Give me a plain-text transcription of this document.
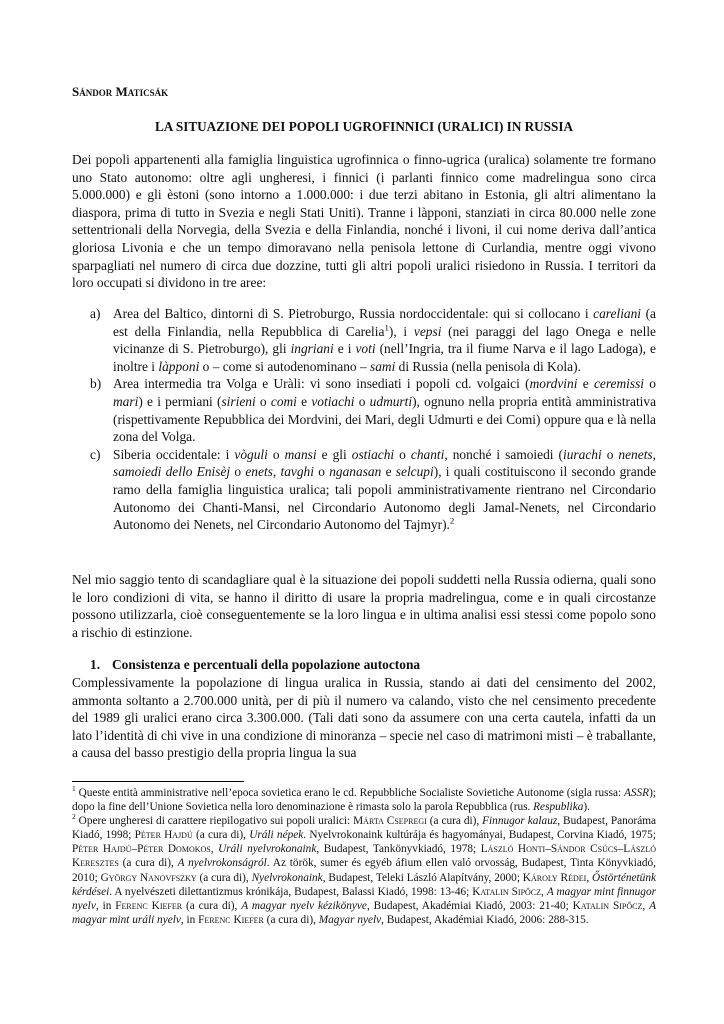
Sándor Maticsák
LA SITUAZIONE DEI POPOLI UGROFINNICI (URALICI) IN RUSSIA

Dei popoli appartenenti alla famiglia linguistica ugrofinnica o finno-ugrica (uralica) solamente tre formano uno Stato autonomo: oltre agli ungheresi, i finnici (i parlanti finnico come madrelingua sono circa 5.000.000) e gli èstoni (sono intorno a 1.000.000: i due terzi abitano in Estonia, gli altri alimentano la diaspora, prima di tutto in Svezia e negli Stati Uniti). Tranne i làpponi, stanziati in circa 80.000 nelle zone settentrionali della Norvegia, della Svezia e della Finlandia, nonché i livoni, il cui nome deriva dall’antica gloriosa Livonia e che un tempo dimoravano nella penisola lettone di Curlandia, mentre oggi vivono sparpagliati nel numero di circa due dozzine, tutti gli altri popoli uralici risiedono in Russia. I territori da loro occupati si dividono in tre aree:

a) Area del Baltico, dintorni di S. Pietroburgo, Russia nordoccidentale: qui si collocano i careliani (a est della Finlandia, nella Repubblica di Carelia$^1$), i vepsi (nei paraggi del lago Onega e nelle vicinanze di S. Pietroburgo), gli ingriani e i voti (nell’Ingria, tra il fiume Narva e il lago Ladoga), e inoltre i làpponi o – come si autodenominano – sami di Russia (nella penisola di Kola).
b) Area intermedia tra Volga e Uràli: vi sono insediati i popoli cd. volgaici (mordvini e ceremissi o mari) e i permiani (sirieni o comi e votiachi o udmurti), ognuno nella propria entità amministrativa (rispettivamente Repubblica dei Mordvini, dei Mari, degli Udmurti e dei Comi) oppure qua e là nella zona del Volga.
c) Siberia occidentale: i vòguli o mansi e gli ostiachi o chanti, nonché i samoiedi (iurachi o nenets, samoiedi dello Enisèj o enets, tavghi o nganasan e selcupi), i quali costituiscono il secondo grande ramo della famiglia linguistica uralica; tali popoli amministrativamente rientrano nel Circondario Autonomo dei Chanti-Mansi, nel Circondario Autonomo degli Jamal-Nenets, nel Circondario Autonomo dei Nenets, nel Circondario Autonomo del Tajmyr).$^2$

Nel mio saggio tento di scandagliare qual è la situazione dei popoli suddetti nella Russia odierna, quali sono le loro condizioni di vita, se hanno il diritto di usare la propria madrelingua, come e in quali circostanze possono utilizzarla, cioè conseguentemente se la loro lingua e in ultima analisi essi stessi come popolo sono a rischio di estinzione.

1. Consistenza e percentuali della popolazione autoctona

Complessivamente la popolazione di lingua uralica in Russia, stando ai dati del censimento del 2002, ammonta soltanto a 2.700.000 unità, per di più il numero va calando, visto che nel censimento precedente del 1989 gli uralici erano circa 3.300.000. (Tali dati sono da assumere con una certa cautela, infatti da un lato l’identità di chi vive in una condizione di minoranza – specie nel caso di matrimoni misti – è traballante, a causa del basso prestigio della propria lingua la sua

$^1$ Queste entità amministrative nell’epoca sovietica erano le cd. Repubbliche Socialiste Sovietiche Autonome (sigla russa: ASSR); dopo la fine dell’Unione Sovietica nella loro denominazione è rimasta solo la parola Repubblica (rus. Respublika).

$^2$ Opere ungheresi di carattere riepilogativo sui popoli uralici: Márta Csepregi (a cura di), Finnugor kalauz, Budapest, Panoráma Kiadó, 1998; Péter Hajdú (a cura di), Uráli népek. Nyelvrokonaink kultúrája és hagyományai, Budapest, Corvina Kiadó, 1975; Péter Hajdú–Péter Domokos, Uráli nyelvrokonaink, Budapest, Tankönyvkiadó, 1978; László Honti–Sándor Csúcs–László Keresztes (a cura di), A nyelvrokonságról. Az török, sumer és egyéb áfium ellen való orvosság, Budapest, Tinta Könyvkiadó, 2010; György Nanovfszky (a cura di), Nyelvrokonaink, Budapest, Teleki László Alapítvány, 2000; Károly Rédei, Őstörténetünk kérdései. A nyelvészeti dilettantizmus krónikája, Budapest, Balassi Kiadó, 1998: 13-46; Katalin Sipőcz, A magyar mint finnugor nyelv, in Ferenc Kiefer (a cura di), A magyar nyelv kézikönyve, Budapest, Akadémiai Kiadó, 2003: 21-40; Katalin Sipőcz, A magyar mint uráli nyelv, in Ferenc Kiefer (a cura di), Magyar nyelv, Budapest, Akadémiai Kiadó, 2006: 288-315.
